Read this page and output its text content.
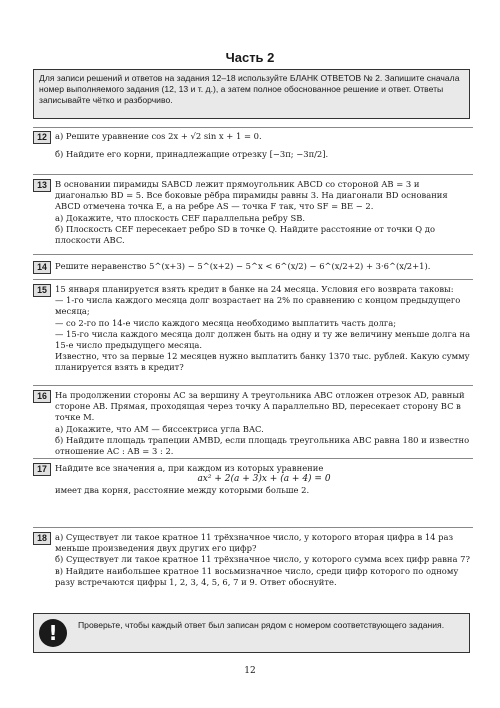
Часть 2
Для записи решений и ответов на задания 12–18 используйте БЛАНК ОТВЕТОВ № 2. Запишите сначала номер выполняемого задания (12, 13 и т. д.), а затем полное обоснованное решение и ответ. Ответы записывайте чётко и разборчиво.
12 а) Решите уравнение cos 2x + √2 sin x + 1 = 0.

б) Найдите его корни, принадлежащие отрезку [−3π; −3π/2].

13 В основании пирамиды SABCD лежит прямоугольник ABCD со стороной AB = 3 и диагональю BD = 5. Все боковые рёбра пирамиды равны 3. На диагонали BD основания ABCD отмечена точка E, а на ребре AS — точка F так, что SF = BE − 2.

а) Докажите, что плоскость CEF параллельна ребру SB.

б) Плоскость CEF пересекает ребро SD в точке Q. Найдите расстояние от точки Q до плоскости ABC.

14 Решите неравенство 5^(x+3) − 5^(x+2) − 5^x < 6^(x/2) − 6^(x/2+2) + 3·6^(x/2+1).

15 15 января планируется взять кредит в банке на 24 месяца. Условия его возврата таковы:

— 1-го числа каждого месяца долг возрастает на 2% по сравнению с концом предыдущего месяца;

— со 2-го по 14-е число каждого месяца необходимо выплатить часть долга;

— 15-го числа каждого месяца долг должен быть на одну и ту же величину меньше долга на 15-е число предыдущего месяца.

Известно, что за первые 12 месяцев нужно выплатить банку 1370 тыс. рублей. Какую сумму планируется взять в кредит?

16 На продолжении стороны AC за вершину A треугольника ABC отложен отрезок AD, равный стороне AB. Прямая, проходящая через точку A параллельно BD, пересекает сторону BC в точке M.

а) Докажите, что AM — биссектриса угла BAC.

б) Найдите площадь трапеции AMBD, если площадь треугольника ABC равна 180 и известно отношение AC : AB = 3 : 2.

17 Найдите все значения a, при каждом из которых уравнение

ax² + 2(a + 3)x + (a + 4) = 0

имеет два корня, расстояние между которыми больше 2.

18 а) Существует ли такое кратное 11 трёхзначное число, у которого вторая цифра в 14 раз меньше произведения двух других его цифр?

б) Существует ли такое кратное 11 трёхзначное число, у которого сумма всех цифр равна 7?

в) Найдите наибольшее кратное 11 восьмизначное число, среди цифр которого по одному разу встречаются цифры 1, 2, 3, 4, 5, 6, 7 и 9. Ответ обоснуйте.

!	Проверьте, чтобы каждый ответ был записан рядом с номером соответствующего задания.
12
